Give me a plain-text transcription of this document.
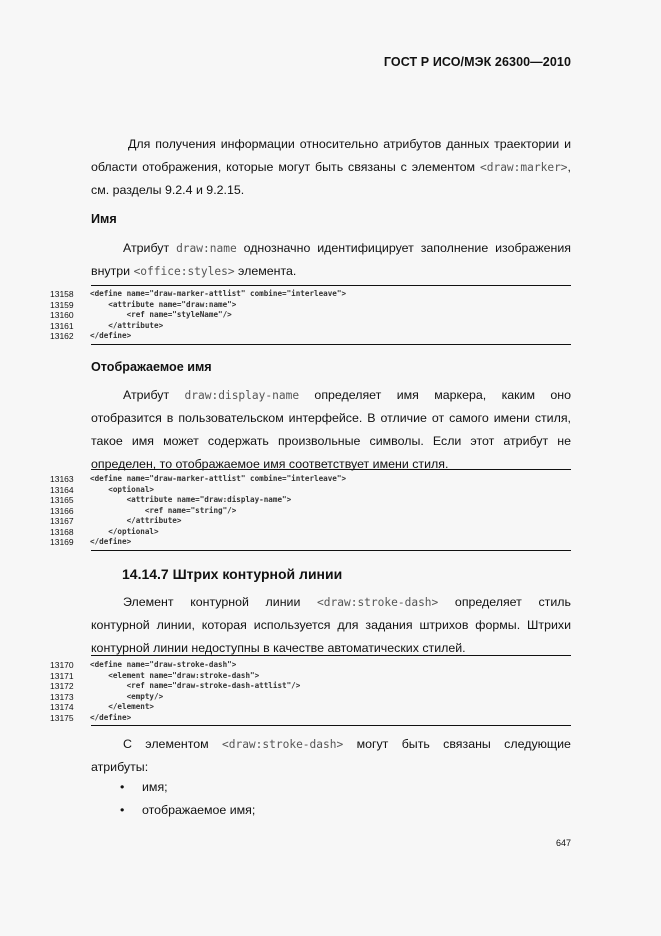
ГОСТ Р ИСО/МЭК 26300—2010
Для получения информации относительно атрибутов данных траектории и
области отображения, которые могут быть связаны с элементом <draw:marker>,
см. разделы 9.2.4 и 9.2.15.
Имя
Атрибут draw:name однозначно идентифицирует заполнение изображения
внутри <office:styles> элемента.
13158	<define name="draw-marker-attlist" combine="interleave">
13159	<attribute name="draw:name">
13160	<ref name="styleName"/>
13161	</attribute>
13162	</define>
Отображаемое имя
Атрибут draw:display-name определяет имя маркера, каким оно
отобразится в пользовательском интерфейсе. В отличие от самого имени стиля,
такое имя может содержать произвольные символы. Если этот атрибут не
определен, то отображаемое имя соответствует имени стиля.
13163	<define name="draw-marker-attlist" combine="interleave">
13164	<optional>
13165	<attribute name="draw:display-name">
13166	<ref name="string"/>
13167	</attribute>
13168	</optional>
13169	</define>
14.14.7 Штрих контурной линии
Элемент контурной линии <draw:stroke-dash> определяет стиль
контурной линии, которая используется для задания штрихов формы. Штрихи
контурной линии недоступны в качестве автоматических стилей.
13170	<define name="draw-stroke-dash">
13171	<element name="draw:stroke-dash">
13172	<ref name="draw-stroke-dash-attlist"/>
13173	<empty/>
13174	</element>
13175	</define>
С элементом <draw:stroke-dash> могут быть связаны следующие
атрибуты:
• имя;
• отображаемое имя;
647
